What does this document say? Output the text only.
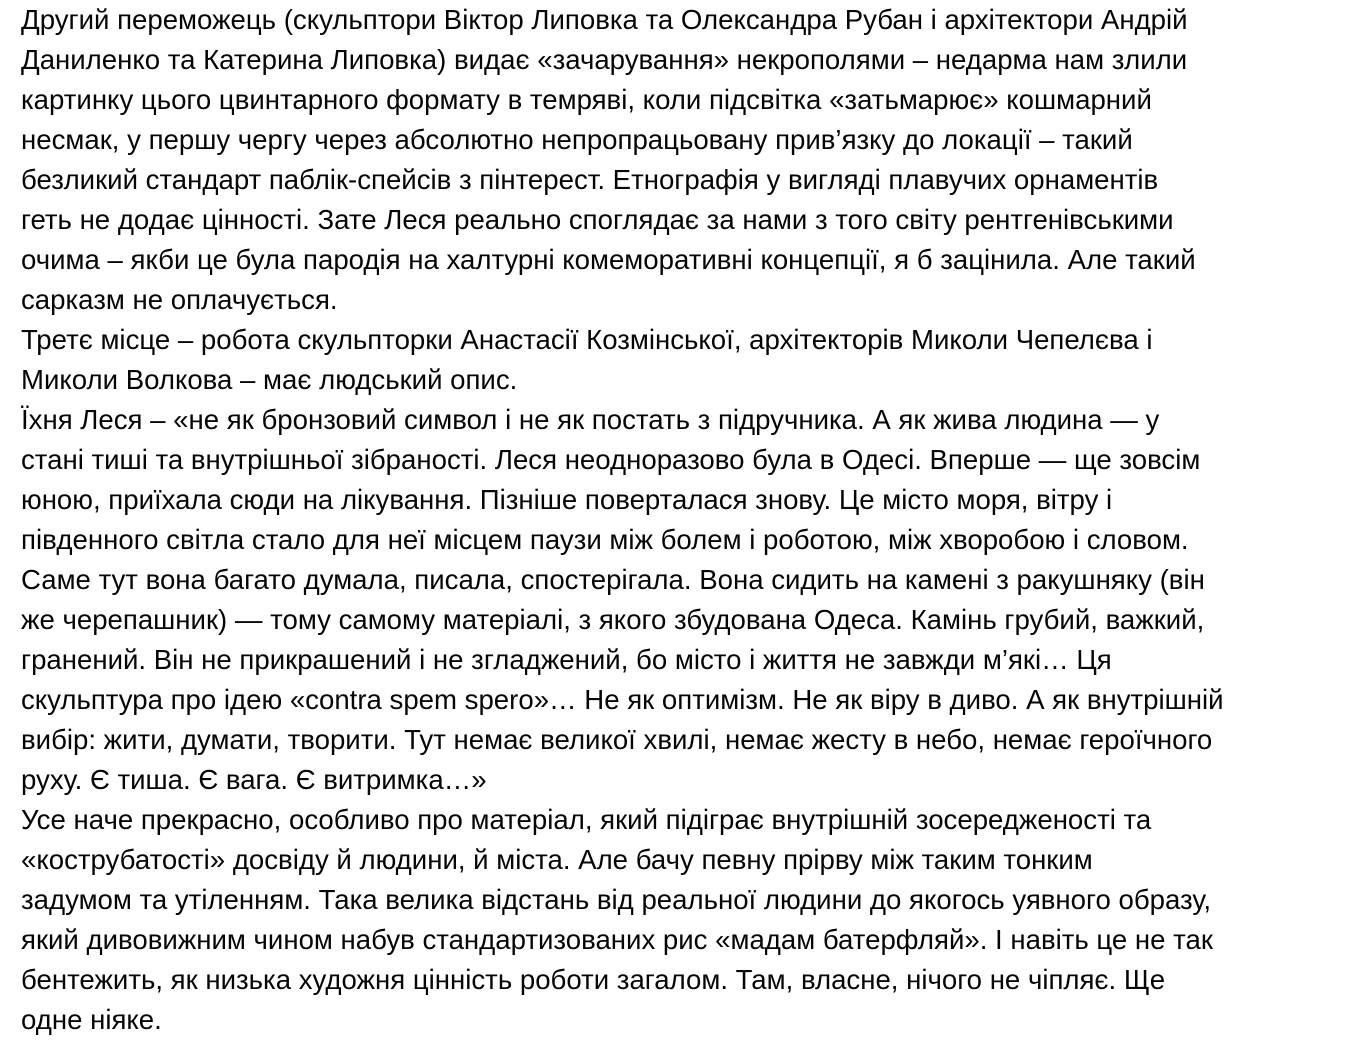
Другий переможець (скульптори Віктор Липовка та Олександра Рубан і архітектори Андрій
Даниленко та Катерина Липовка) видає «зачарування» некрополями – недарма нам злили
картинку цього цвинтарного формату в темряві, коли підсвітка «затьмарює» кошмарний
несмак, у першу чергу через абсолютно непропрацьовану прив’язку до локації – такий
безликий стандарт паблік-спейсів з пінтерест. Етнографія у вигляді плавучих орнаментів
геть не додає цінності. Зате Леся реально споглядає за нами з того світу рентгенівськими
очима – якби це була пародія на халтурні комеморативні концепції, я б зацінила. Але такий
сарказм не оплачується.
Третє місце – робота скульпторки Анастасії Козмінської, архітекторів Миколи Чепелєва і
Миколи Волкова – має людський опис.
Їхня Леся – «не як бронзовий символ і не як постать з підручника. А як жива людина — у
стані тиші та внутрішньої зібраності. Леся неодноразово була в Одесі. Вперше — ще зовсім
юною, приїхала сюди на лікування. Пізніше поверталася знову. Це місто моря, вітру і
південного світла стало для неї місцем паузи між болем і роботою, між хворобою і словом.
Саме тут вона багато думала, писала, спостерігала. Вона сидить на камені з ракушняку (він
же черепашник) — тому самому матеріалі, з якого збудована Одеса. Камінь грубий, важкий,
гранений. Він не прикрашений і не згладжений, бо місто і життя не завжди м’які… Ця
скульптура про ідею «contra spem spero»… Не як оптимізм. Не як віру в диво. А як внутрішній
вибір: жити, думати, творити. Тут немає великої хвилі, немає жесту в небо, немає героїчного
руху. Є тиша. Є вага. Є витримка…»
Усе наче прекрасно, особливо про матеріал, який підіграє внутрішній зосередженості та
«кострубатості» досвіду й людини, й міста. Але бачу певну прірву між таким тонким
задумом та утіленням. Така велика відстань від реальної людини до якогось уявного образу,
який дивовижним чином набув стандартизованих рис «мадам батерфляй». І навіть це не так
бентежить, як низька художня цінність роботи загалом. Там, власне, нічого не чіпляє. Ще
одне ніяке.
